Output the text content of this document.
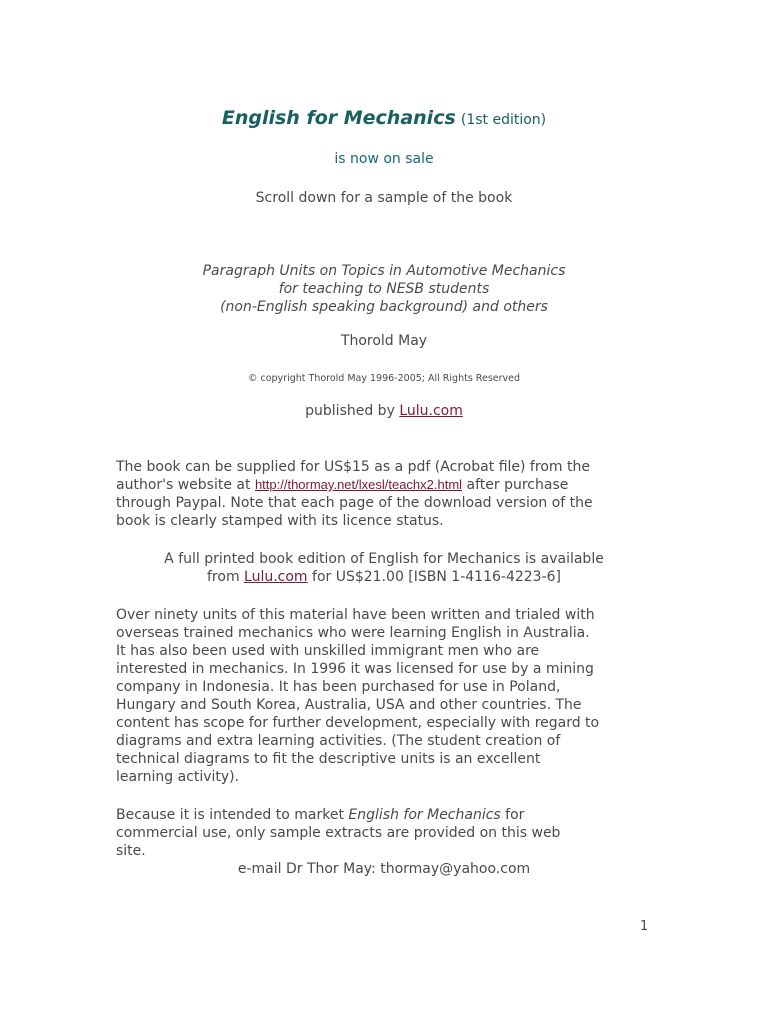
English for Mechanics (1st edition)
is now on sale
Scroll down for a sample of the book
Paragraph Units on Topics in Automotive Mechanics
for teaching to NESB students
(non-English speaking background) and others
Thorold May
© copyright Thorold May 1996-2005; All Rights Reserved
published by Lulu.com
The book can be supplied for US$15 as a pdf (Acrobat file) from the
author's website at http://thormay.net/lxesl/teachx2.html after purchase
through Paypal. Note that each page of the download version of the
book is clearly stamped with its licence status.
A full printed book edition of English for Mechanics is available
from Lulu.com for US$21.00 [ISBN 1-4116-4223-6]
Over ninety units of this material have been written and trialed with
overseas trained mechanics who were learning English in Australia.
It has also been used with unskilled immigrant men who are
interested in mechanics. In 1996 it was licensed for use by a mining
company in Indonesia. It has been purchased for use in Poland,
Hungary and South Korea, Australia, USA and other countries. The
content has scope for further development, especially with regard to
diagrams and extra learning activities. (The student creation of
technical diagrams to fit the descriptive units is an excellent
learning activity).
Because it is intended to market English for Mechanics for
commercial use, only sample extracts are provided on this web
site.
e-mail Dr Thor May: thormay@yahoo.com
1
